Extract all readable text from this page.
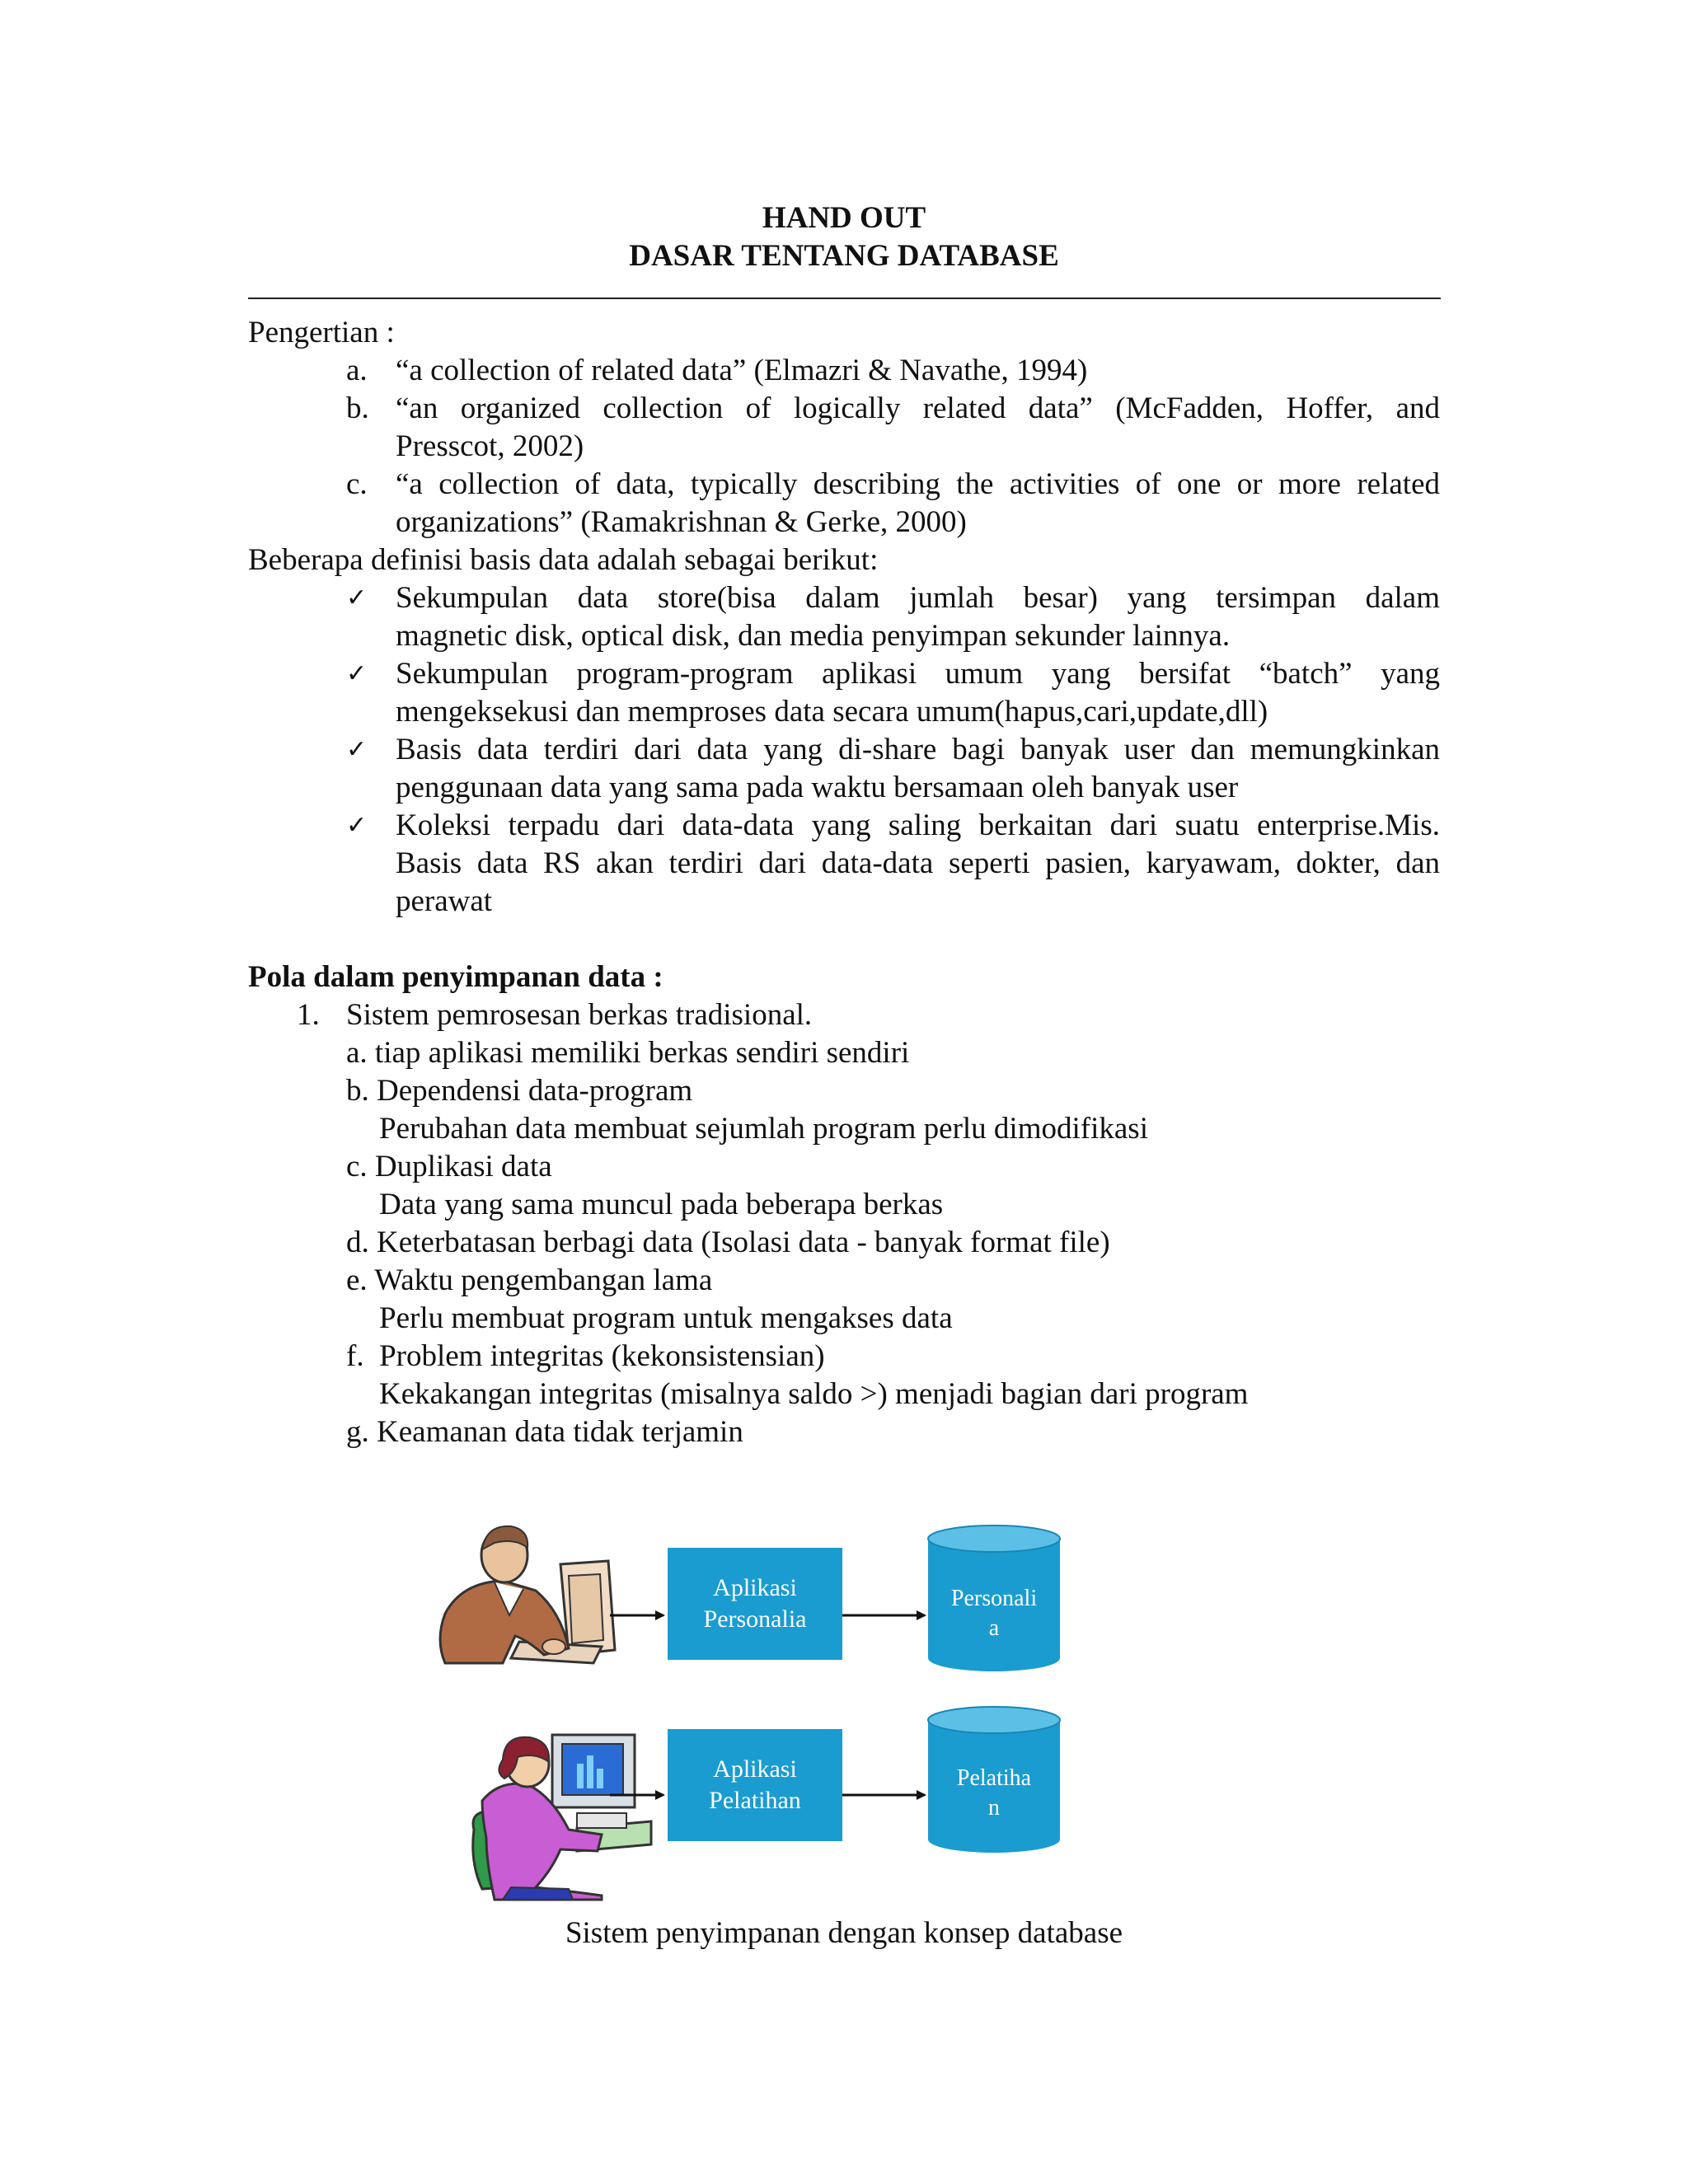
HAND OUT
DASAR TENTANG DATABASE
Pengertian :
a. “a collection of related data” (Elmazri & Navathe, 1994)
b. “an organized collection of logically related data” (McFadden, Hoffer, and
Presscot, 2002)
c. “a collection of data, typically describing the activities of one or more related
organizations” (Ramakrishnan & Gerke, 2000)
Beberapa definisi basis data adalah sebagai berikut:
✓ Sekumpulan data store(bisa dalam jumlah besar) yang tersimpan dalam
magnetic disk, optical disk, dan media penyimpan sekunder lainnya.
✓ Sekumpulan program-program aplikasi umum yang bersifat “batch” yang
mengeksekusi dan memproses data secara umum(hapus,cari,update,dll)
✓ Basis data terdiri dari data yang di-share bagi banyak user dan memungkinkan
penggunaan data yang sama pada waktu bersamaan oleh banyak user
✓ Koleksi terpadu dari data-data yang saling berkaitan dari suatu enterprise.Mis.
Basis data RS akan terdiri dari data-data seperti pasien, karyawam, dokter, dan
perawat
Pola dalam penyimpanan data :
1. Sistem pemrosesan berkas tradisional.
a. tiap aplikasi memiliki berkas sendiri sendiri
b. Dependensi data-program
Perubahan data membuat sejumlah program perlu dimodifikasi
c. Duplikasi data
Data yang sama muncul pada beberapa berkas
d. Keterbatasan berbagi data (Isolasi data - banyak format file)
e. Waktu pengembangan lama
Perlu membuat program untuk mengakses data
f.  Problem integritas (kekonsistensian)
Kekakangan integritas (misalnya saldo >) menjadi bagian dari program
g. Keamanan data tidak terjamin
Aplikasi
Personalia
Aplikasi
Pelatihan
Personali
a
Pelatiha
n
Sistem penyimpanan dengan konsep database
